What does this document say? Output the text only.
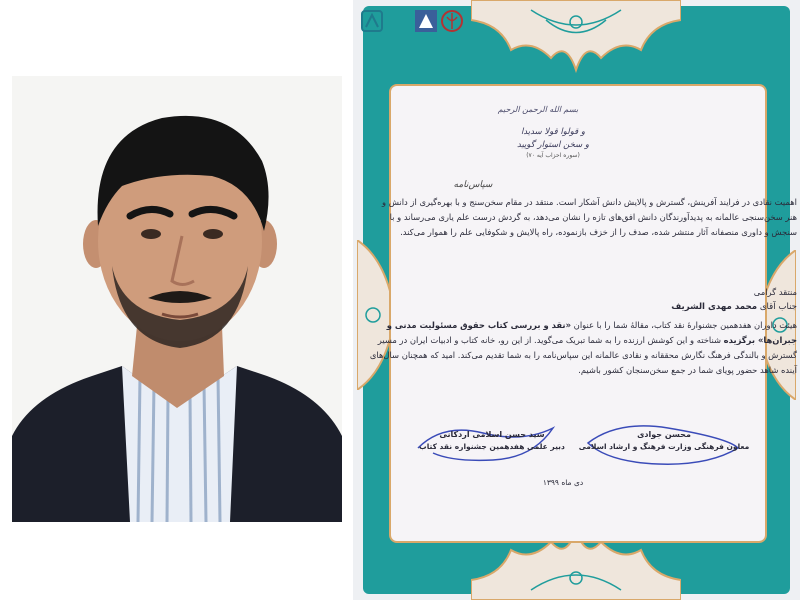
بسم الله الرحمن الرحیم
و قولوا قولا سدیدا
و سخن استوار گویید
(سوره احزاب آیه ۷۰)
سپاس‌نامه
اهمیت نقادی در فرایند آفرینش، گسترش و پالایش دانش آشکار است. منتقد در مقام سخن‌سنج و با بهره‌گیری از دانش و هنر سخن‌سنجی عالمانه به پدیدآورندگان دانش افق‌های تازه را نشان می‌دهد، به گردش درست علم یاری می‌رساند و با سنجش و داوری منصفانه آثار منتشر شده، صدف را از خزف بازنموده، راه پالایش و شکوفایی علم را هموار می‌کند.
منتقد گرامی
جناب آقای محمد مهدی الشریف
هیئت داوران هفدهمین جشنوارهٔ نقد کتاب، مقالهٔ شما را با عنوان «نقد و بررسی کتاب حقوق مسئولیت مدنی و جبران‌ها» برگزیده شناخته و این کوشش ارزنده را به شما تبریک می‌گوید. از این رو، خانه کتاب و ادبیات ایران در مسیر گسترش و بالندگی فرهنگ نگارش محققانه و نقادی عالمانه این سپاس‌نامه را به شما تقدیم می‌کند. امید که همچنان سال‌های آینده شاهد حضور پویای شما در جمع سخن‌سنجان کشور باشیم.
سید حسن اسلامی اردکانی
دبیر علمی هفدهمین جشنواره نقد کتاب
محسن جوادی
معاون فرهنگی وزارت فرهنگ و ارشاد اسلامی
دی ماه ۱۳۹۹
